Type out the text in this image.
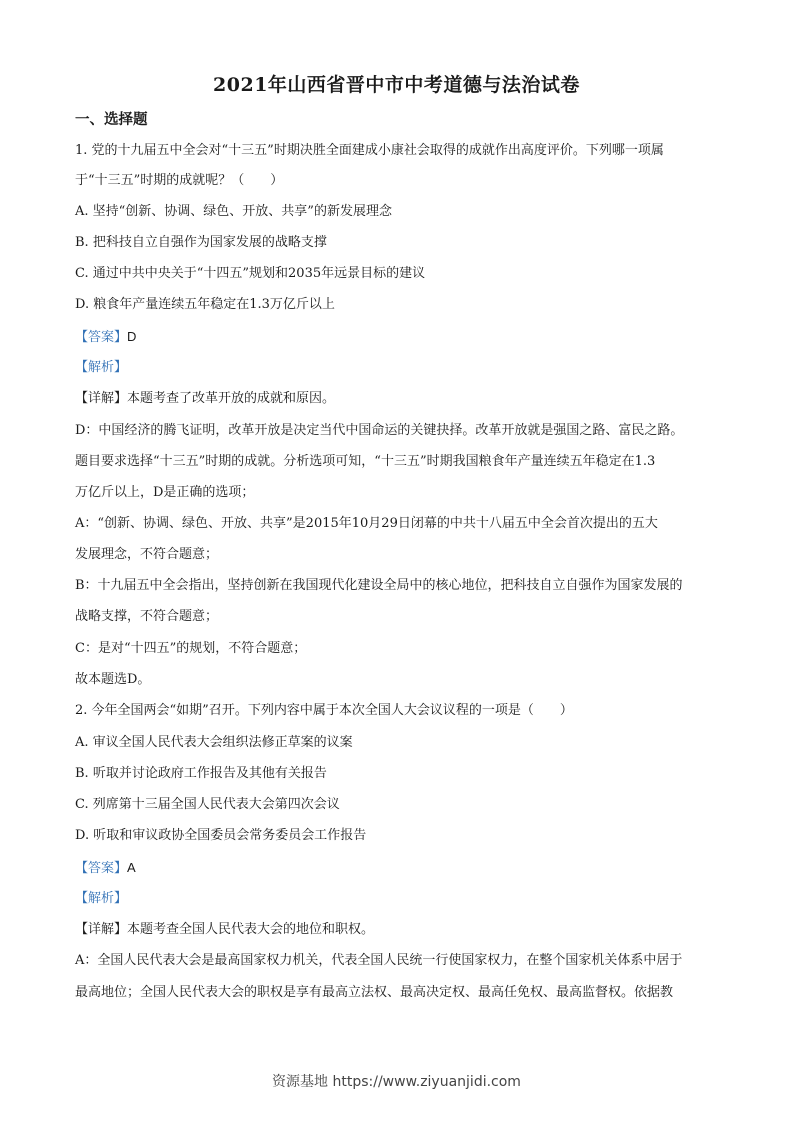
2021年山西省晋中市中考道德与法治试卷
一、选择题
1. 党的十九届五中全会对“十三五”时期决胜全面建成小康社会取得的成就作出高度评价。下列哪一项属
于“十三五”时期的成就呢？（　　）
A. 坚持“创新、协调、绿色、开放、共享”的新发展理念
B. 把科技自立自强作为国家发展的战略支撑
C. 通过中共中央关于“十四五”规划和2035年远景目标的建议
D. 粮食年产量连续五年稳定在1.3万亿斤以上
【答案】D
【解析】
【详解】本题考查了改革开放的成就和原因。
D：中国经济的腾飞证明，改革开放是决定当代中国命运的关键抉择。改革开放就是强国之路、富民之路。
题目要求选择“十三五”时期的成就。分析选项可知，“十三五”时期我国粮食年产量连续五年稳定在1.3
万亿斤以上，D是正确的选项；
A：“创新、协调、绿色、开放、共享”是2015年10月29日闭幕的中共十八届五中全会首次提出的五大
发展理念，不符合题意；
B：十九届五中全会指出，坚持创新在我国现代化建设全局中的核心地位，把科技自立自强作为国家发展的
战略支撑，不符合题意；
C：是对“十四五”的规划，不符合题意；
故本题选D。
2. 今年全国两会“如期”召开。下列内容中属于本次全国人大会议议程的一项是（　　）
A. 审议全国人民代表大会组织法修正草案的议案
B. 听取并讨论政府工作报告及其他有关报告
C. 列席第十三届全国人民代表大会第四次会议
D. 听取和审议政协全国委员会常务委员会工作报告
【答案】A
【解析】
【详解】本题考查全国人民代表大会的地位和职权。
A：全国人民代表大会是最高国家权力机关，代表全国人民统一行使国家权力，在整个国家机关体系中居于
最高地位；全国人民代表大会的职权是享有最高立法权、最高决定权、最高任免权、最高监督权。依据教
资源基地 https://www.ziyuanjidi.com
